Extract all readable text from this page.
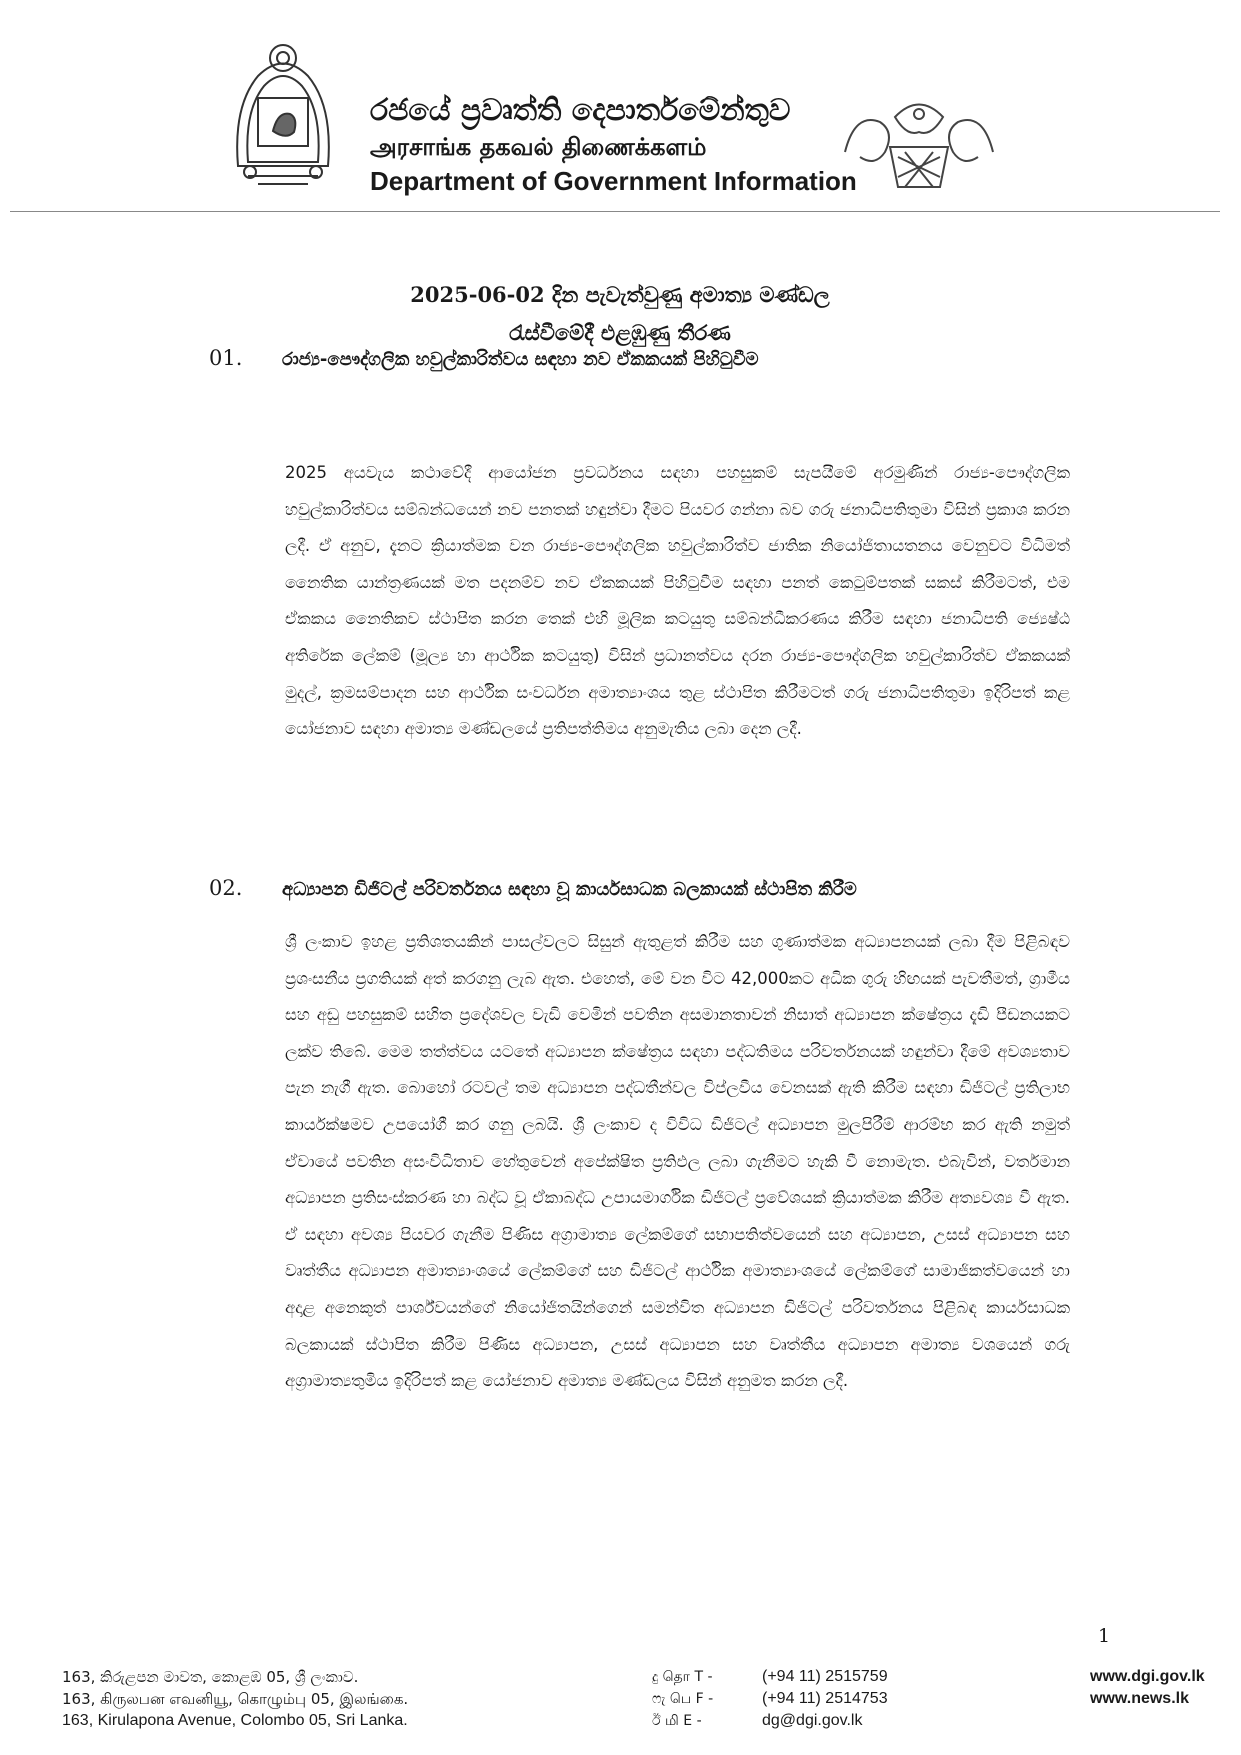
රජයේ ප්‍රවෘත්ති දෙපාර්තමේන්තුව
அரசாங்க தகவல் திணைக்களம்
Department of Government Information
2025-06-02 දින පැවැත්වුණු අමාත්‍ය මණ්ඩල
රැස්වීමේදී එළඹුණු තීරණ
01. රාජ්‍ය-පෞද්ගලික හවුල්කාරිත්වය සඳහා නව ඒකකයක් පිහිටුවීම

2025 අයවැය කථාවේදී ආයෝජන ප්‍රවර්ධනය සඳහා පහසුකම් සැපයීමේ අරමුණින් රාජ්‍ය-පෞද්ගලික හවුල්කාරිත්වය සම්බන්ධයෙන් නව පනතක් හඳුන්වා දීමට පියවර ගන්නා බව ගරු ජනාධිපතිතුමා විසින් ප්‍රකාශ කරන ලදී. ඒ අනුව, දැනට ක්‍රියාත්මක වන රාජ්‍ය-පෞද්ගලික හවුල්කාරිත්ව ජාතික නියෝජිතායතනය වෙනුවට විධිමත් නෛතික යාන්ත්‍රණයක් මත පදනම්ව නව ඒකකයක් පිහිටුවීම සඳහා පනත් කෙටුම්පතක් සකස් කිරීමටත්, එම ඒකකය නෛතිකව ස්ථාපිත කරන තෙක් එහි මූලික කටයුතු සම්බන්ධීකරණය කිරීම සඳහා ජනාධිපති ජ්‍යෙෂ්ඨ අතිරේක ලේකම් (මූල්‍ය හා ආර්ථික කටයුතු) විසින් ප්‍රධානත්වය දරන රාජ්‍ය-පෞද්ගලික හවුල්කාරිත්ව ඒකකයක් මුදල්, ක්‍රමසම්පාදන සහ ආර්ථික සංවර්ධන අමාත්‍යාංශය තුළ ස්ථාපිත කිරීමටත් ගරු ජනාධිපතිතුමා ඉදිරිපත් කළ යෝජනාව සඳහා අමාත්‍ය මණ්ඩලයේ ප්‍රතිපත්තිමය අනුමැතිය ලබා දෙන ලදී.

02. අධ්‍යාපන ඩිජිටල් පරිවර්තනය සඳහා වූ කාර්යසාධක බලකායක් ස්ථාපිත කිරීම

ශ්‍රී ලංකාව ඉහළ ප්‍රතිශතයකින් පාසල්වලට සිසුන් ඇතුළත් කිරීම සහ ගුණාත්මක අධ්‍යාපනයක් ලබා දීම පිළිබඳව ප්‍රශංසනීය ප්‍රගතියක් අත් කරගනු ලැබ ඇත. එහෙත්, මේ වන විට 42,000කට අධික ගුරු හිඟයක් පැවතීමත්, ග්‍රාමීය සහ අඩු පහසුකම් සහිත ප්‍රදේශවල වැඩි වෙමින් පවතින අසමානතාවන් නිසාත් අධ්‍යාපන ක්ෂේත්‍රය දැඩි පීඩනයකට ලක්ව තිබේ. මෙම තත්ත්වය යටතේ අධ්‍යාපන ක්ෂේත්‍රය සඳහා පද්ධතිමය පරිවර්තනයක් හඳුන්වා දීමේ අවශ්‍යතාව පැන නැගී ඇත. බොහෝ රටවල් තම අධ්‍යාපන පද්ධතීන්වල විප්ලවීය වෙනසක් ඇති කිරීම සඳහා ඩිජිටල් ප්‍රතිලාභ කාර්යක්ෂමව උපයෝගී කර ගනු ලබයි. ශ්‍රී ලංකාව ද විවිධ ඩිජිටල් අධ්‍යාපන මුලපිරීම් ආරම්භ කර ඇති නමුත් ඒවායේ පවතින අසංවිධිතාව හේතුවෙන් අපේක්ෂිත ප්‍රතිඵල ලබා ගැනීමට හැකි වී නොමැත. එබැවින්, වර්තමාන අධ්‍යාපන ප්‍රතිසංස්කරණ හා බද්ධ වූ ඒකාබද්ධ උපායමාර්ගික ඩිජිටල් ප්‍රවේශයක් ක්‍රියාත්මක කිරීම අත්‍යවශ්‍ය වී ඇත. ඒ සඳහා අවශ්‍ය පියවර ගැනීම පිණිස අග්‍රාමාත්‍ය ලේකම්ගේ සභාපතිත්වයෙන් සහ අධ්‍යාපන, උසස් අධ්‍යාපන සහ වෘත්තීය අධ්‍යාපන අමාත්‍යාංශයේ ලේකම්ගේ සහ ඩිජිටල් ආර්ථික අමාත්‍යාංශයේ ලේකම්ගේ සාමාජිකත්වයෙන් හා අදාළ අනෙකුත් පාර්ශ්වයන්ගේ නියෝජිතයින්ගෙන් සමන්විත අධ්‍යාපන ඩිජිටල් පරිවර්තනය පිළිබඳ කාර්යසාධක බලකායක් ස්ථාපිත කිරීම පිණිස අධ්‍යාපන, උසස් අධ්‍යාපන සහ වෘත්තීය අධ්‍යාපන අමාත්‍ය වශයෙන් ගරු අග්‍රාමාත්‍යතුමිය ඉදිරිපත් කළ යෝජනාව අමාත්‍ය මණ්ඩලය විසින් අනුමත කරන ලදී.

1
163, කිරුළපන මාවත, කොළඹ 05, ශ්‍රී ලංකාව.
163, கிருலபன எவனியூ, கொழும்பு 05, இலங்கை.
163, Kirulapona Avenue, Colombo 05, Sri Lanka.
දු தொ T -	(+94 11) 2515759
ෆැ பெ F -	(+94 11) 2514753
ඊ மி E -	dg@dgi.gov.lk
www.dgi.gov.lk
www.news.lk
